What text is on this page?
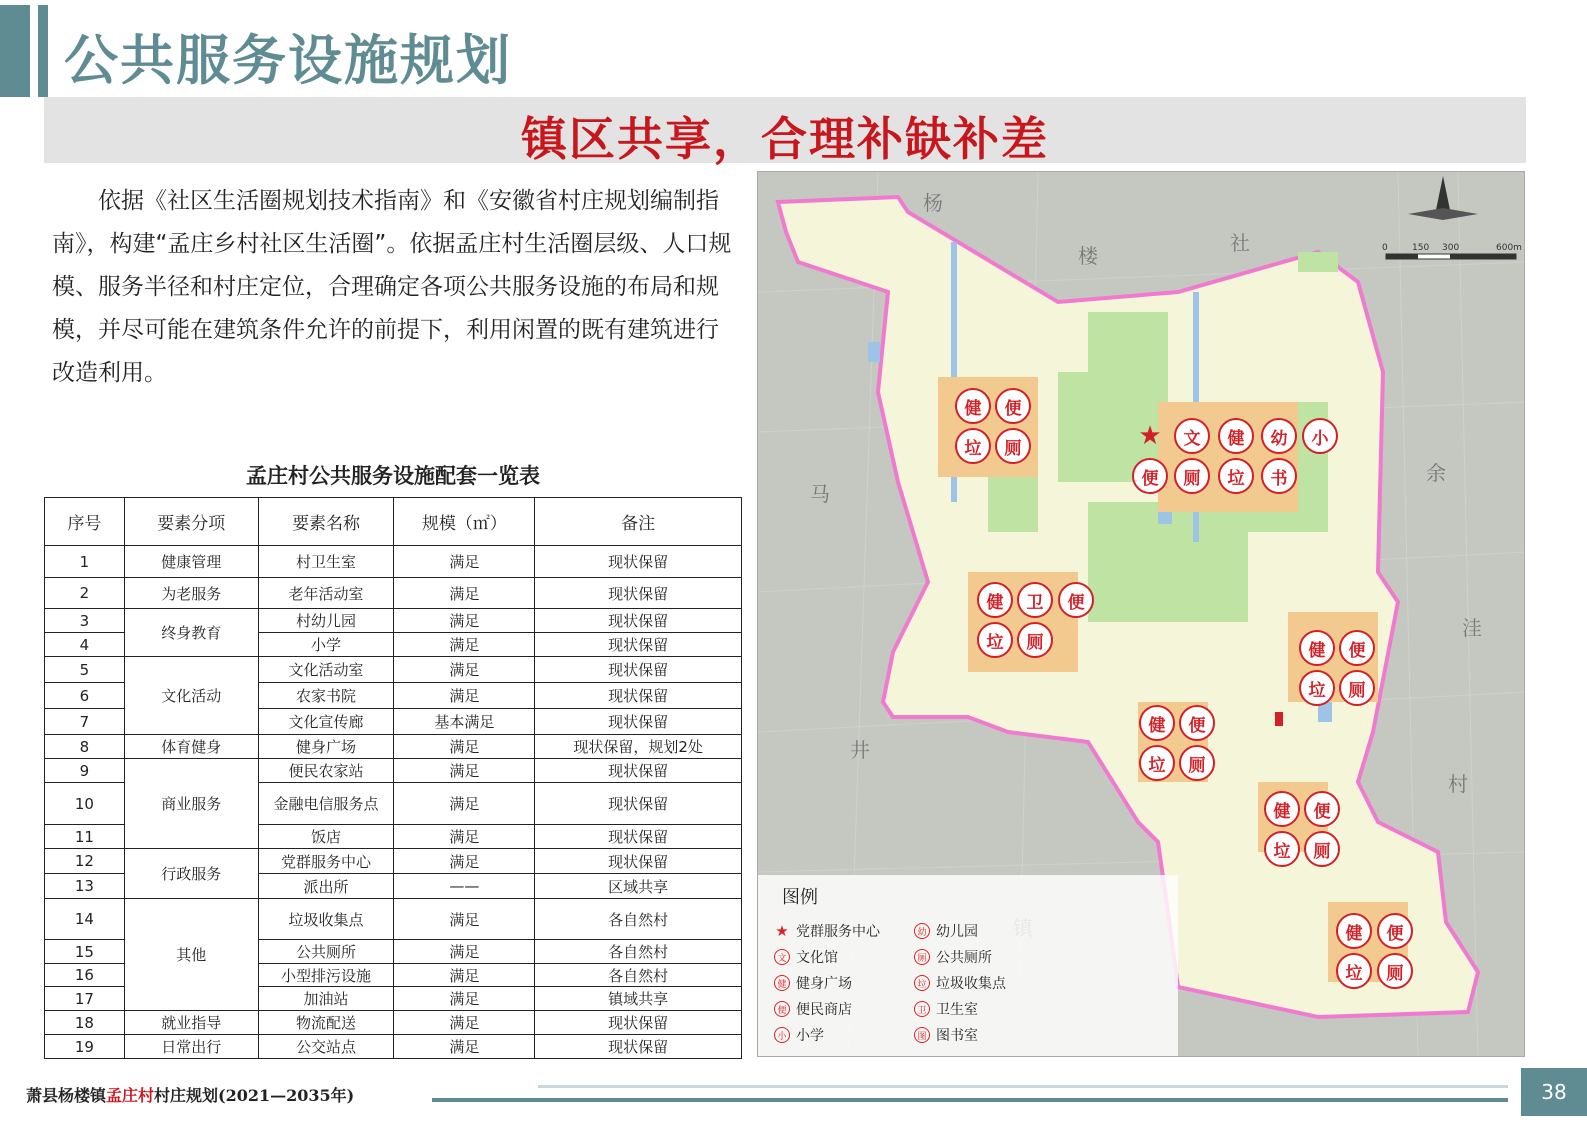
公共服务设施规划
镇区共享，合理补缺补差

依据《社区生活圈规划技术指南》和《安徽省村庄规划编制指南》，构建“孟庄乡村社区生活圈”。依据孟庄村生活圈层级、人口规模、服务半径和村庄定位，合理确定各项公共服务设施的布局和规模，并尽可能在建筑条件允许的前提下，利用闲置的既有建筑进行改造利用。

孟庄村公共服务设施配套一览表
序号	要素分项	要素名称	规模（㎡）	备注
1	健康管理	村卫生室	满足	现状保留
2	为老服务	老年活动室	满足	现状保留
3	终身教育	村幼儿园	满足	现状保留
4		小学	满足	现状保留
5	文化活动	文化活动室	满足	现状保留
6		农家书院	满足	现状保留
7		文化宣传廊	基本满足	现状保留
8	体育健身	健身广场	满足	现状保留，规划2处
9	商业服务	便民农家站	满足	现状保留
10		金融电信服务点	满足	现状保留
11		饭店	满足	现状保留
12	行政服务	党群服务中心	满足	现状保留
13		派出所	——	区域共享
14	其他	垃圾收集点	满足	各自然村
15		公共厕所	满足	各自然村
16		小型排污设施	满足	各自然村
17		加油站	满足	镇域共享
18	就业指导	物流配送	满足	现状保留
19	日常出行	公交站点	满足	现状保留
0	150 300	600m
杨
楼
社
马
余
洼
井
村
健	便
垃	厕	★	文	健	幼	小
便	厕	垃	书
健	卫	便
垃	厕	健	便
垃	厕
健	便
垃	厕
健	便
垃	厕
健	便
垃	厕
图例
★ 党群服务中心	幼 幼儿园
文 文化馆	厕 公共厕所
健 健身广场	垃 垃圾收集点
便 便民商店	卫 卫生室
小 小学	图 图书室
萧县杨楼镇孟庄村村庄规划(2021—2035年)	38
